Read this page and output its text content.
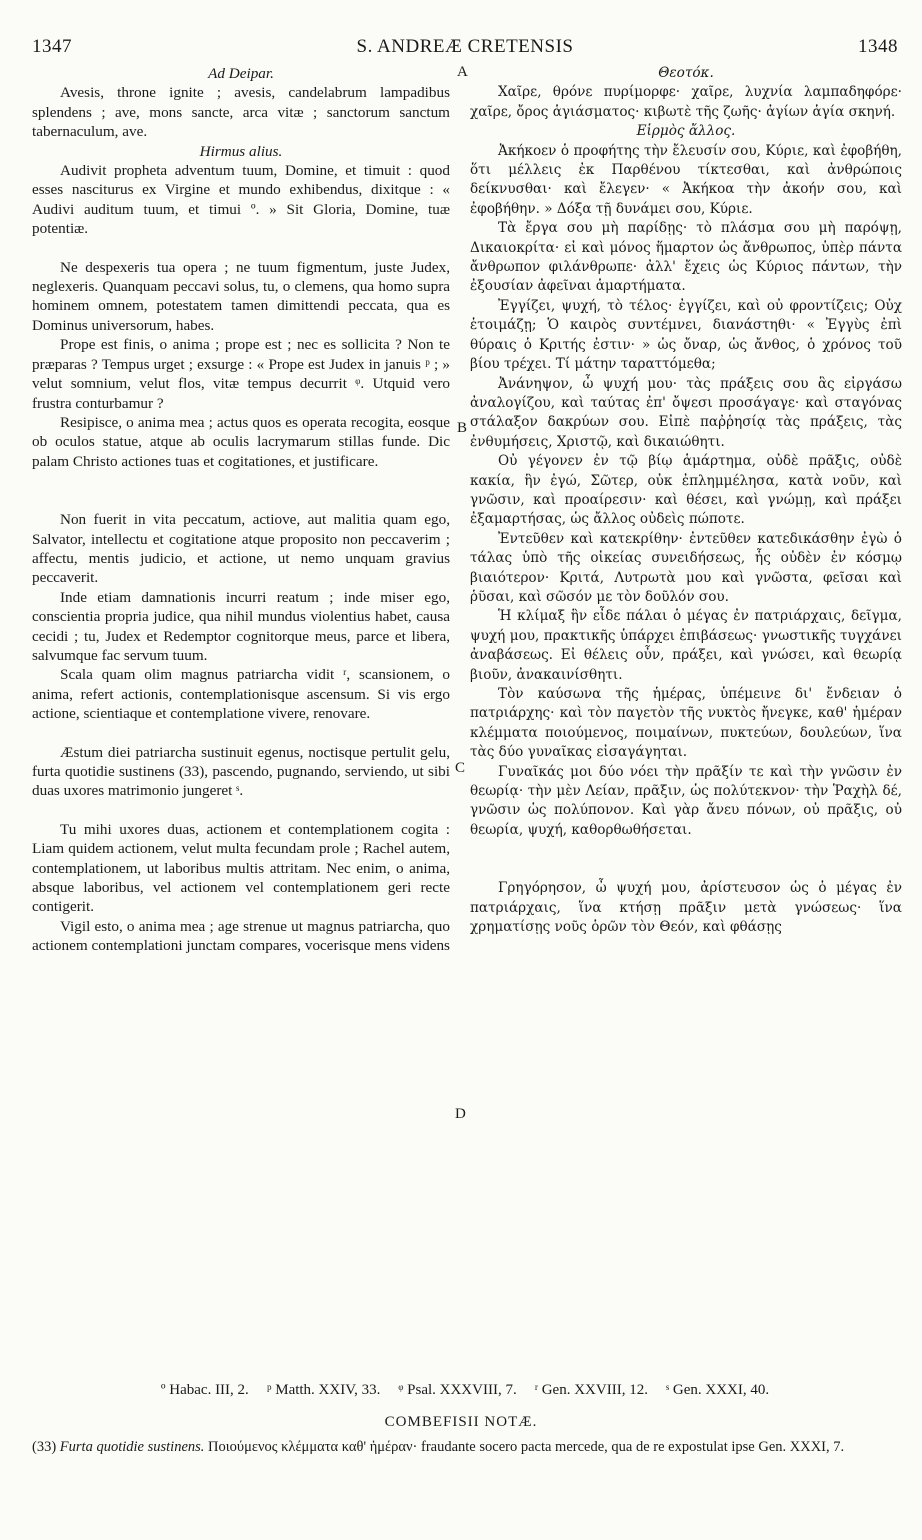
1347	S. ANDREÆ CRETENSIS	1348
A
B
C
D

Ad Deipar.

Avesis, throne ignite ; avesis, candelabrum lampadibus splendens ; ave, mons sancte, arca vitæ ; sanctorum sanctum tabernaculum, ave.

Hirmus alius.

Audivit propheta adventum tuum, Domine, et timuit : quod esses nasciturus ex Virgine et mundo exhibendus, dixitque : « Audivi auditum tuum, et timui º. » Sit Gloria, Domine, tuæ potentiæ.

Ne despexeris tua opera ; ne tuum figmentum, juste Judex, neglexeris. Quanquam peccavi solus, tu, o clemens, qua homo supra hominem omnem, potestatem tamen dimittendi peccata, qua es Dominus universorum, habes.

Prope est finis, o anima ; prope est ; nec es sollicita ? Non te præparas ? Tempus urget ; exsurge : « Prope est Judex in januis ᵖ ; » velut somnium, velut flos, vitæ tempus decurrit ᵠ. Utquid vero frustra conturbamur ?

Resipisce, o anima mea ; actus quos es operata recogita, eosque ob oculos statue, atque ab oculis lacrymarum stillas funde. Dic palam Christo actiones tuas et cogitationes, et justificare.

Non fuerit in vita peccatum, actiove, aut malitia quam ego, Salvator, intellectu et cogitatione atque proposito non peccaverim ; affectu, mentis judicio, et actione, ut nemo unquam gravius peccaverit.

Inde etiam damnationis incurri reatum ; inde miser ego, conscientia propria judice, qua nihil mundus violentius habet, causa cecidi ; tu, Judex et Redemptor cognitorque meus, parce et libera, salvumque fac servum tuum.

Scala quam olim magnus patriarcha vidit ʳ, scansionem, o anima, refert actionis, contemplationisque ascensum. Si vis ergo actione, scientiaque et contemplatione vivere, renovare.

Æstum diei patriarcha sustinuit egenus, noctisque pertulit gelu, furta quotidie sustinens (33), pascendo, pugnando, serviendo, ut sibi duas uxores matrimonio jungeret ˢ.

Tu mihi uxores duas, actionem et contemplationem cogita : Liam quidem actionem, velut multa fecundam prole ; Rachel autem, contemplationem, ut laboribus multis attritam. Nec enim, o anima, absque laboribus, vel actionem vel contemplationem geri recte contigerit.

Vigil esto, o anima mea ; age strenue ut magnus patriarcha, quo actionem contemplationi junctam compares, vocerisque mens videns

Θεοτόκ.

Χαῖρε, θρόνε πυρίμορφε· χαῖρε, λυχνία λαμπαδηφόρε· χαῖρε, ὄρος ἁγιάσματος· κιβωτὲ τῆς ζωῆς· ἁγίων ἁγία σκηνή.

Εἱρμὸς ἄλλος.

Ἀκήκοεν ὁ προφήτης τὴν ἔλευσίν σου, Κύριε, καὶ ἐφοβήθη, ὅτι μέλλεις ἐκ Παρθένου τίκτεσθαι, καὶ ἀνθρώποις δείκνυσθαι· καὶ ἔλεγεν· « Ἀκήκοα τὴν ἀκοήν σου, καὶ ἐφοβήθην. » Δόξα τῇ δυνάμει σου, Κύριε.

Τὰ ἔργα σου μὴ παρίδῃς· τὸ πλάσμα σου μὴ παρόψῃ, Δικαιοκρίτα· εἰ καὶ μόνος ἥμαρτον ὡς ἄνθρωπος, ὑπὲρ πάντα ἄνθρωπον φιλάνθρωπε· ἀλλ' ἔχεις ὡς Κύριος πάντων, τὴν ἐξουσίαν ἀφεῖναι ἁμαρτήματα.

Ἐγγίζει, ψυχή, τὸ τέλος· ἐγγίζει, καὶ οὐ φροντίζεις; Οὐχ ἑτοιμάζῃ; Ὁ καιρὸς συντέμνει, διανάστηθι· « Ἐγγὺς ἐπὶ θύραις ὁ Κριτής ἐστιν· » ὡς ὄναρ, ὡς ἄνθος, ὁ χρόνος τοῦ βίου τρέχει. Τί μάτην ταραττόμεθα;

Ἀνάνηψον, ὦ ψυχή μου· τὰς πράξεις σου ἃς εἰργάσω ἀναλογίζου, καὶ ταύτας ἐπ' ὄψεσι προσάγαγε· καὶ σταγόνας στάλαξον δακρύων σου. Εἰπὲ παῤῥησίᾳ τὰς πράξεις, τὰς ἐνθυμήσεις, Χριστῷ, καὶ δικαιώθητι.

Οὐ γέγονεν ἐν τῷ βίῳ ἁμάρτημα, οὐδὲ πρᾶξις, οὐδὲ κακία, ἣν ἐγώ, Σῶτερ, οὐκ ἐπλημμέλησα, κατὰ νοῦν, καὶ γνῶσιν, καὶ προαίρεσιν· καὶ θέσει, καὶ γνώμῃ, καὶ πράξει ἐξαμαρτήσας, ὡς ἄλλος οὐδεὶς πώποτε.

Ἐντεῦθεν καὶ κατεκρίθην· ἐντεῦθεν κατεδικάσθην ἐγὼ ὁ τάλας ὑπὸ τῆς οἰκείας συνειδήσεως, ἧς οὐδὲν ἐν κόσμῳ βιαιότερον· Κριτά, Λυτρωτὰ μου καὶ γνῶστα, φεῖσαι καὶ ῥῦσαι, καὶ σῶσόν με τὸν δοῦλόν σου.

Ἡ κλίμαξ ἣν εἶδε πάλαι ὁ μέγας ἐν πατριάρχαις, δεῖγμα, ψυχή μου, πρακτικῆς ὑπάρχει ἐπιβάσεως· γνωστικῆς τυγχάνει ἀναβάσεως. Εἰ θέλεις οὖν, πράξει, καὶ γνώσει, καὶ θεωρίᾳ βιοῦν, ἀνακαινίσθητι.

Τὸν καύσωνα τῆς ἡμέρας, ὑπέμεινε δι' ἔνδειαν ὁ πατριάρχης· καὶ τὸν παγετὸν τῆς νυκτὸς ἤνεγκε, καθ' ἡμέραν κλέμματα ποιούμενος, ποιμαίνων, πυκτεύων, δουλεύων, ἵνα τὰς δύο γυναῖκας εἰσαγάγηται.

Γυναῖκάς μοι δύο νόει τὴν πρᾶξίν τε καὶ τὴν γνῶσιν ἐν θεωρίᾳ· τὴν μὲν Λείαν, πρᾶξιν, ὡς πολύτεκνον· τὴν Ῥαχὴλ δέ, γνῶσιν ὡς πολύπονον. Καὶ γὰρ ἄνευ πόνων, οὐ πρᾶξις, οὐ θεωρία, ψυχή, καθορθωθήσεται.

Γρηγόρησον, ὦ ψυχή μου, ἀρίστευσον ὡς ὁ μέγας ἐν πατριάρχαις, ἵνα κτήσῃ πρᾶξιν μετὰ γνώσεως· ἵνα χρηματίσῃς νοῦς ὁρῶν τὸν Θεόν, καὶ φθάσῃς

º Habac. III, 2. ᵖ Matth. XXIV, 33. ᵠ Psal. XXXVIII, 7. ʳ Gen. XXVIII, 12. ˢ Gen. XXXI, 40.
COMBEFISII NOTÆ.
(33) Furta quotidie sustinens. Ποιούμενος κλέμματα καθ' ἡμέραν· fraudante socero pacta mercede, qua de re expostulat ipse Gen. XXXI, 7.
